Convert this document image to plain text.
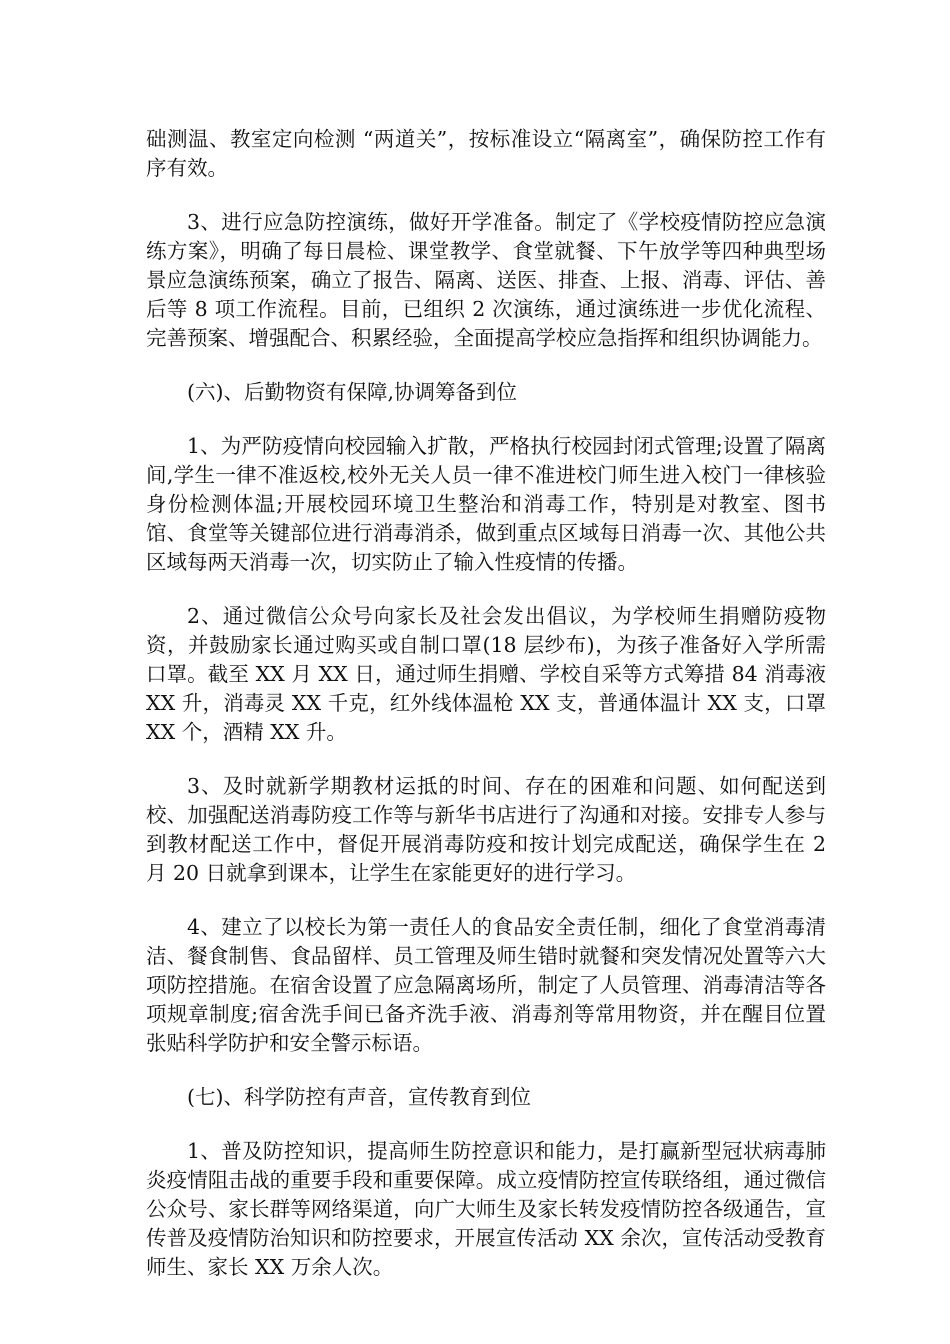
础测温、教室定向检测 “两道关”，按标准设立“隔离室”，确保防控工作有序有效。

3、进行应急防控演练，做好开学准备。制定了《学校疫情防控应急演练方案》，明确了每日晨检、课堂教学、食堂就餐、下午放学等四种典型场景应急演练预案，确立了报告、隔离、送医、排查、上报、消毒、评估、善后等 8 项工作流程。目前，已组织 2 次演练，通过演练进一步优化流程、完善预案、增强配合、积累经验，全面提高学校应急指挥和组织协调能力。

(六)、后勤物资有保障,协调筹备到位

1、为严防疫情向校园输入扩散，严格执行校园封闭式管理;设置了隔离间,学生一律不准返校,校外无关人员一律不准进校门师生进入校门一律核验身份检测体温;开展校园环境卫生整治和消毒工作，特别是对教室、图书馆、食堂等关键部位进行消毒消杀，做到重点区域每日消毒一次、其他公共区域每两天消毒一次，切实防止了输入性疫情的传播。

2、通过微信公众号向家长及社会发出倡议，为学校师生捐赠防疫物资，并鼓励家长通过购买或自制口罩(18 层纱布)，为孩子准备好入学所需口罩。截至 XX 月 XX 日，通过师生捐赠、学校自采等方式筹措 84 消毒液 XX 升，消毒灵 XX 千克，红外线体温枪 XX 支，普通体温计 XX 支，口罩 XX 个，酒精 XX 升。

3、及时就新学期教材运抵的时间、存在的困难和问题、如何配送到校、加强配送消毒防疫工作等与新华书店进行了沟通和对接。安排专人参与到教材配送工作中，督促开展消毒防疫和按计划完成配送，确保学生在 2 月 20 日就拿到课本，让学生在家能更好的进行学习。

4、建立了以校长为第一责任人的食品安全责任制，细化了食堂消毒清洁、餐食制售、食品留样、员工管理及师生错时就餐和突发情况处置等六大项防控措施。在宿舍设置了应急隔离场所，制定了人员管理、消毒清洁等各项规章制度;宿舍洗手间已备齐洗手液、消毒剂等常用物资，并在醒目位置张贴科学防护和安全警示标语。

(七)、科学防控有声音，宣传教育到位

1、普及防控知识，提高师生防控意识和能力，是打赢新型冠状病毒肺炎疫情阻击战的重要手段和重要保障。成立疫情防控宣传联络组，通过微信公众号、家长群等网络渠道，向广大师生及家长转发疫情防控各级通告，宣传普及疫情防治知识和防控要求，开展宣传活动 XX 余次，宣传活动受教育师生、家长 XX 万余人次。
